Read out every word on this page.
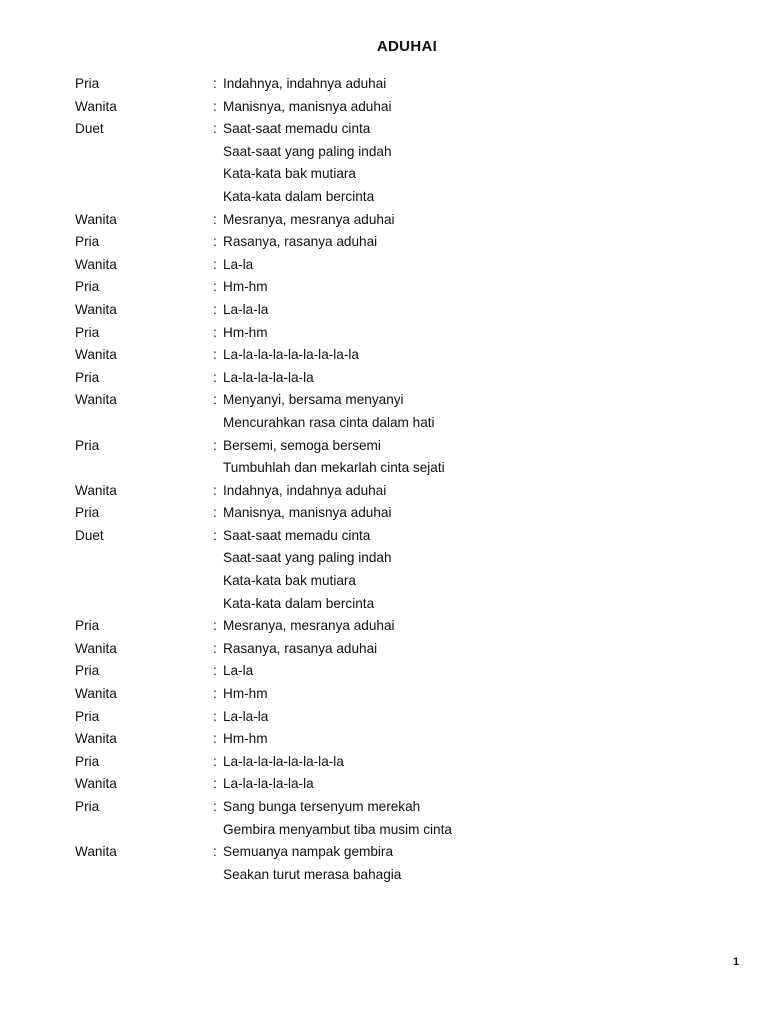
ADUHAI
Pria	: Indahnya, indahnya aduhai
Wanita	: Manisnya, manisnya aduhai
Duet	: Saat-saat memadu cinta
Saat-saat yang paling indah
Kata-kata bak mutiara
Kata-kata dalam bercinta
Wanita	: Mesranya, mesranya aduhai
Pria	: Rasanya, rasanya aduhai
Wanita	: La-la
Pria	: Hm-hm
Wanita	: La-la-la
Pria	: Hm-hm
Wanita	: La-la-la-la-la-la-la-la-la
Pria	: La-la-la-la-la-la
Wanita	: Menyanyi, bersama menyanyi
Mencurahkan rasa cinta dalam hati
Pria	: Bersemi, semoga bersemi
Tumbuhlah dan mekarlah cinta sejati
Wanita	: Indahnya, indahnya aduhai
Pria	: Manisnya, manisnya aduhai
Duet	: Saat-saat memadu cinta
Saat-saat yang paling indah
Kata-kata bak mutiara
Kata-kata dalam bercinta
Pria	: Mesranya, mesranya aduhai
Wanita	: Rasanya, rasanya aduhai
Pria	: La-la
Wanita	: Hm-hm
Pria	: La-la-la
Wanita	: Hm-hm
Pria	: La-la-la-la-la-la-la-la
Wanita	: La-la-la-la-la-la
Pria	: Sang bunga tersenyum merekah
Gembira menyambut tiba musim cinta
Wanita	: Semuanya nampak gembira
Seakan turut merasa bahagia
1
